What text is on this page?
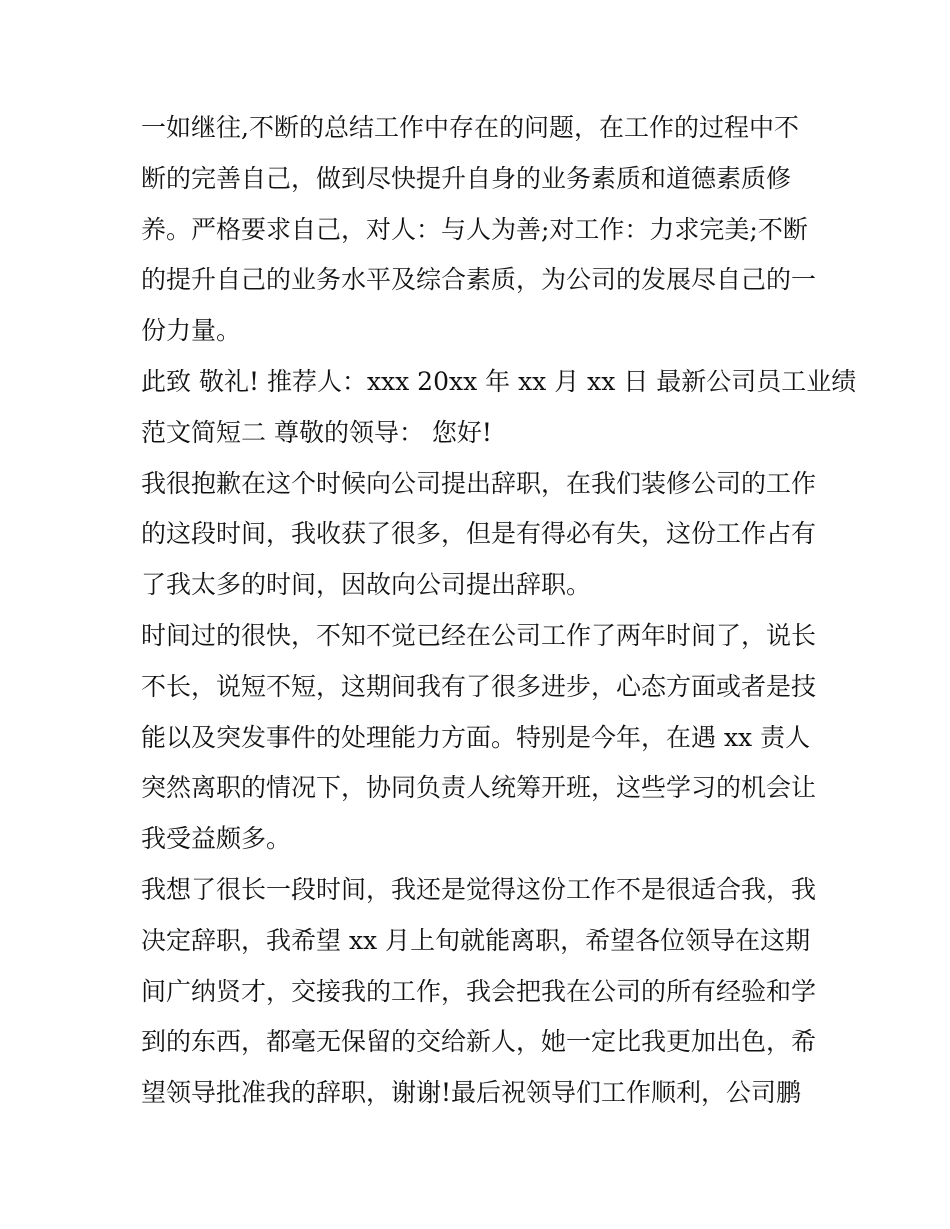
一如继往,不断的总结工作中存在的问题，在工作的过程中不
断的完善自己，做到尽快提升自身的业务素质和道德素质修
养。严格要求自己，对人：与人为善;对工作：力求完美;不断
的提升自己的业务水平及综合素质，为公司的发展尽自己的一
份力量。
此致 敬礼! 推荐人：xxx 20xx 年 xx 月 xx 日 最新公司员工业绩
范文简短二 尊敬的领导： 您好!
我很抱歉在这个时候向公司提出辞职，在我们装修公司的工作
的这段时间，我收获了很多，但是有得必有失，这份工作占有
了我太多的时间，因故向公司提出辞职。
时间过的很快，不知不觉已经在公司工作了两年时间了，说长
不长，说短不短，这期间我有了很多进步，心态方面或者是技
能以及突发事件的处理能力方面。特别是今年，在遇 xx 责人
突然离职的情况下，协同负责人统筹开班，这些学习的机会让
我受益颇多。
我想了很长一段时间，我还是觉得这份工作不是很适合我，我
决定辞职，我希望 xx 月上旬就能离职，希望各位领导在这期
间广纳贤才，交接我的工作，我会把我在公司的所有经验和学
到的东西，都毫无保留的交给新人，她一定比我更加出色，希
望领导批准我的辞职，谢谢!最后祝领导们工作顺利，公司鹏
